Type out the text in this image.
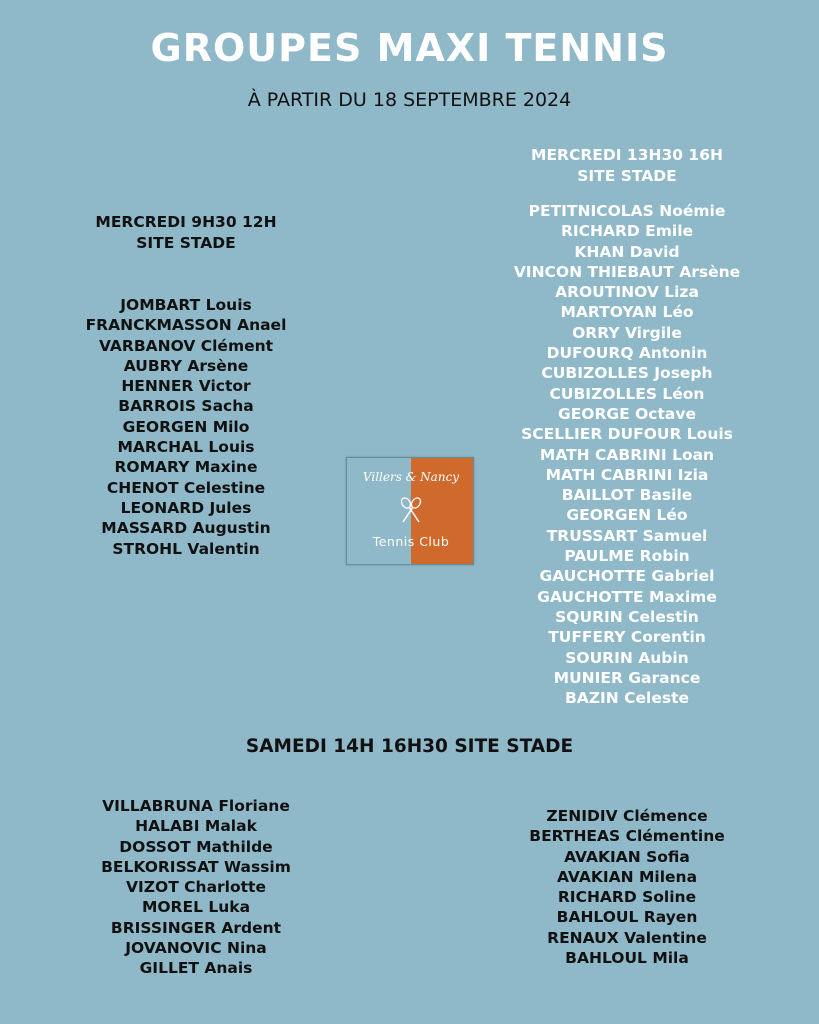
GROUPES MAXI TENNIS
À PARTIR DU 18 SEPTEMBRE 2024
MERCREDI 9H30 12H
SITE STADE
JOMBART Louis
FRANCKMASSON Anael
VARBANOV Clément
AUBRY Arsène
HENNER Victor
BARROIS Sacha
GEORGEN Milo
MARCHAL Louis
ROMARY Maxine
CHENOT Celestine
LEONARD Jules
MASSARD Augustin
STROHL Valentin
MERCREDI 13H30 16H
SITE STADE
PETITNICOLAS Noémie
RICHARD Emile
KHAN David
VINCON THIEBAUT Arsène
AROUTINOV Liza
MARTOYAN Léo
ORRY Virgile
DUFOURQ Antonin
CUBIZOLLES Joseph
CUBIZOLLES Léon
GEORGE Octave
SCELLIER DUFOUR Louis
MATH CABRINI Loan
MATH CABRINI Izia
BAILLOT Basile
GEORGEN Léo
TRUSSART Samuel
PAULME Robin
GAUCHOTTE Gabriel
GAUCHOTTE Maxime
SQURIN Celestin
TUFFERY Corentin
SOURIN Aubin
MUNIER Garance
BAZIN Celeste
Villers & Nancy
Tennis Club
SAMEDI 14H 16H30 SITE STADE
VILLABRUNA Floriane
HALABI Malak
DOSSOT Mathilde
BELKORISSAT Wassim
VIZOT Charlotte
MOREL Luka
BRISSINGER Ardent
JOVANOVIC Nina
GILLET Anais
ZENIDIV Clémence
BERTHEAS Clémentine
AVAKIAN Sofia
AVAKIAN Milena
RICHARD Soline
BAHLOUL Rayen
RENAUX Valentine
BAHLOUL Mila
